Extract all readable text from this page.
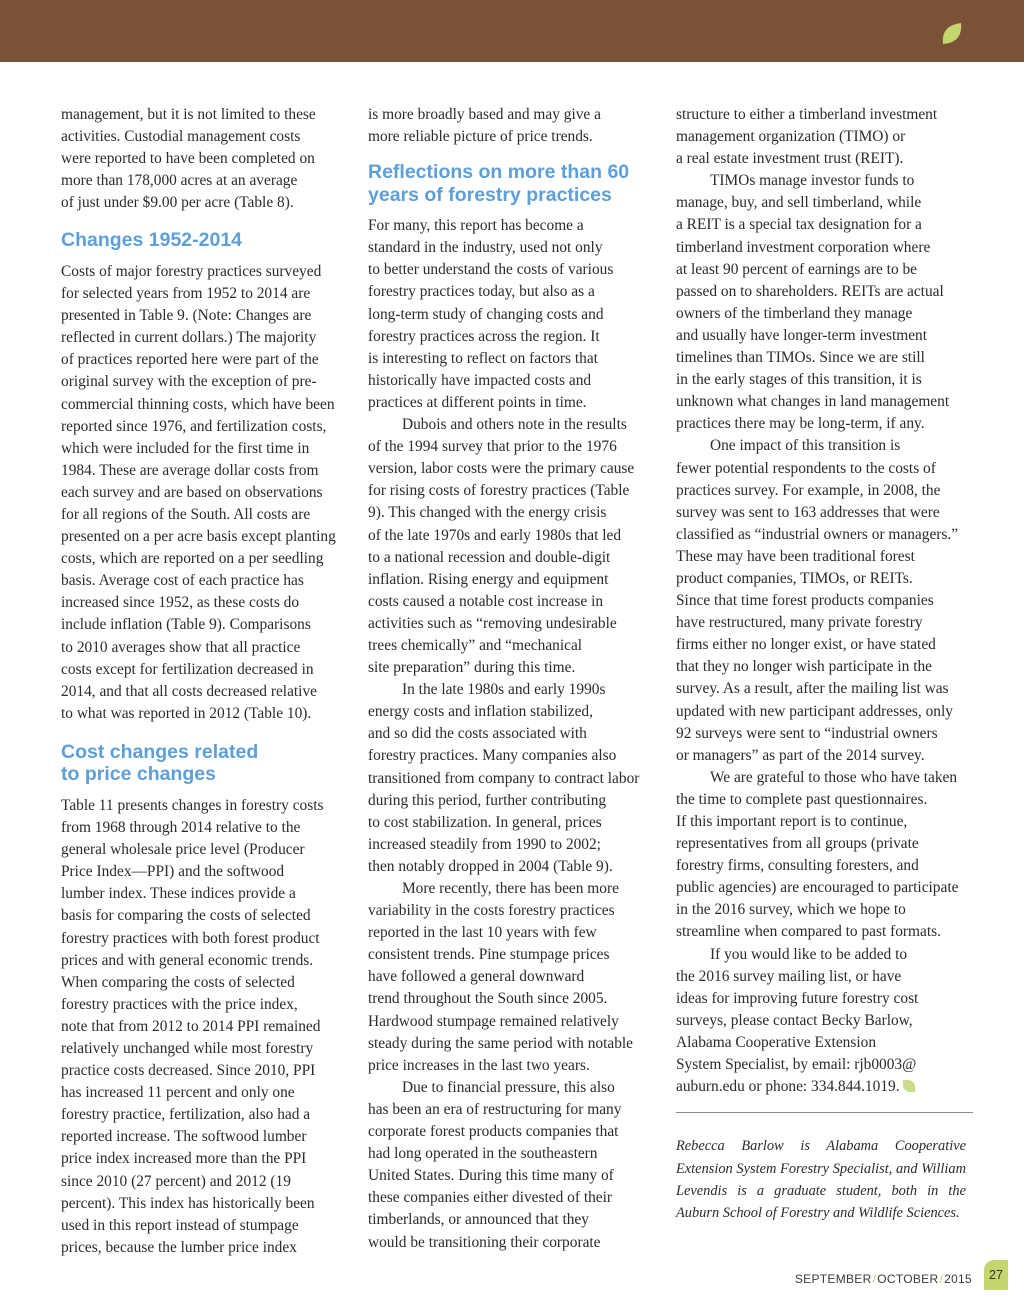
management, but it is not limited to these
activities. Custodial management costs
were reported to have been completed on
more than 178,000 acres at an average
of just under $9.00 per acre (Table 8).

Changes 1952-2014

Costs of major forestry practices surveyed
for selected years from 1952 to 2014 are
presented in Table 9. (Note: Changes are
reflected in current dollars.) The majority
of practices reported here were part of the
original survey with the exception of pre-
commercial thinning costs, which have been
reported since 1976, and fertilization costs,
which were included for the first time in
1984. These are average dollar costs from
each survey and are based on observations
for all regions of the South. All costs are
presented on a per acre basis except planting
costs, which are reported on a per seedling
basis. Average cost of each practice has
increased since 1952, as these costs do
include inflation (Table 9). Comparisons
to 2010 averages show that all practice
costs except for fertilization decreased in
2014, and that all costs decreased relative
to what was reported in 2012 (Table 10).

Cost changes related
to price changes

Table 11 presents changes in forestry costs
from 1968 through 2014 relative to the
general wholesale price level (Producer
Price Index—PPI) and the softwood
lumber index. These indices provide a
basis for comparing the costs of selected
forestry practices with both forest product
prices and with general economic trends.
When comparing the costs of selected
forestry practices with the price index,
note that from 2012 to 2014 PPI remained
relatively unchanged while most forestry
practice costs decreased. Since 2010, PPI
has increased 11 percent and only one
forestry practice, fertilization, also had a
reported increase. The softwood lumber
price index increased more than the PPI
since 2010 (27 percent) and 2012 (19
percent). This index has historically been
used in this report instead of stumpage
prices, because the lumber price index

is more broadly based and may give a
more reliable picture of price trends.

Reflections on more than 60
years of forestry practices

For many, this report has become a
standard in the industry, used not only
to better understand the costs of various
forestry practices today, but also as a
long-term study of changing costs and
forestry practices across the region. It
is interesting to reflect on factors that
historically have impacted costs and
practices at different points in time.

Dubois and others note in the results
of the 1994 survey that prior to the 1976
version, labor costs were the primary cause
for rising costs of forestry practices (Table
9). This changed with the energy crisis
of the late 1970s and early 1980s that led
to a national recession and double-digit
inflation. Rising energy and equipment
costs caused a notable cost increase in
activities such as “removing undesirable
trees chemically” and “mechanical
site preparation” during this time.

In the late 1980s and early 1990s
energy costs and inflation stabilized,
and so did the costs associated with
forestry practices. Many companies also
transitioned from company to contract labor
during this period, further contributing
to cost stabilization. In general, prices
increased steadily from 1990 to 2002;
then notably dropped in 2004 (Table 9).

More recently, there has been more
variability in the costs forestry practices
reported in the last 10 years with few
consistent trends. Pine stumpage prices
have followed a general downward
trend throughout the South since 2005.
Hardwood stumpage remained relatively
steady during the same period with notable
price increases in the last two years.

Due to financial pressure, this also
has been an era of restructuring for many
corporate forest products companies that
had long operated in the southeastern
United States. During this time many of
these companies either divested of their
timberlands, or announced that they
would be transitioning their corporate

structure to either a timberland investment
management organization (TIMO) or
a real estate investment trust (REIT).

TIMOs manage investor funds to
manage, buy, and sell timberland, while
a REIT is a special tax designation for a
timberland investment corporation where
at least 90 percent of earnings are to be
passed on to shareholders. REITs are actual
owners of the timberland they manage
and usually have longer-term investment
timelines than TIMOs. Since we are still
in the early stages of this transition, it is
unknown what changes in land management
practices there may be long-term, if any.

One impact of this transition is
fewer potential respondents to the costs of
practices survey. For example, in 2008, the
survey was sent to 163 addresses that were
classified as “industrial owners or managers.”
These may have been traditional forest
product companies, TIMOs, or REITs.
Since that time forest products companies
have restructured, many private forestry
firms either no longer exist, or have stated
that they no longer wish participate in the
survey. As a result, after the mailing list was
updated with new participant addresses, only
92 surveys were sent to “industrial owners
or managers” as part of the 2014 survey.

We are grateful to those who have taken
the time to complete past questionnaires.
If this important report is to continue,
representatives from all groups (private
forestry firms, consulting foresters, and
public agencies) are encouraged to participate
in the 2016 survey, which we hope to
streamline when compared to past formats.

If you would like to be added to
the 2016 survey mailing list, or have
ideas for improving future forestry cost
surveys, please contact Becky Barlow,
Alabama Cooperative Extension
System Specialist, by email: rjb0003@
auburn.edu or phone: 334.844.1019.

Rebecca Barlow is Alabama Cooperative Extension System Forestry Specialist, and William Levendis is a graduate student, both in the Auburn School of Forestry and Wildlife Sciences.

SEPTEMBER/OCTOBER/2015	27
